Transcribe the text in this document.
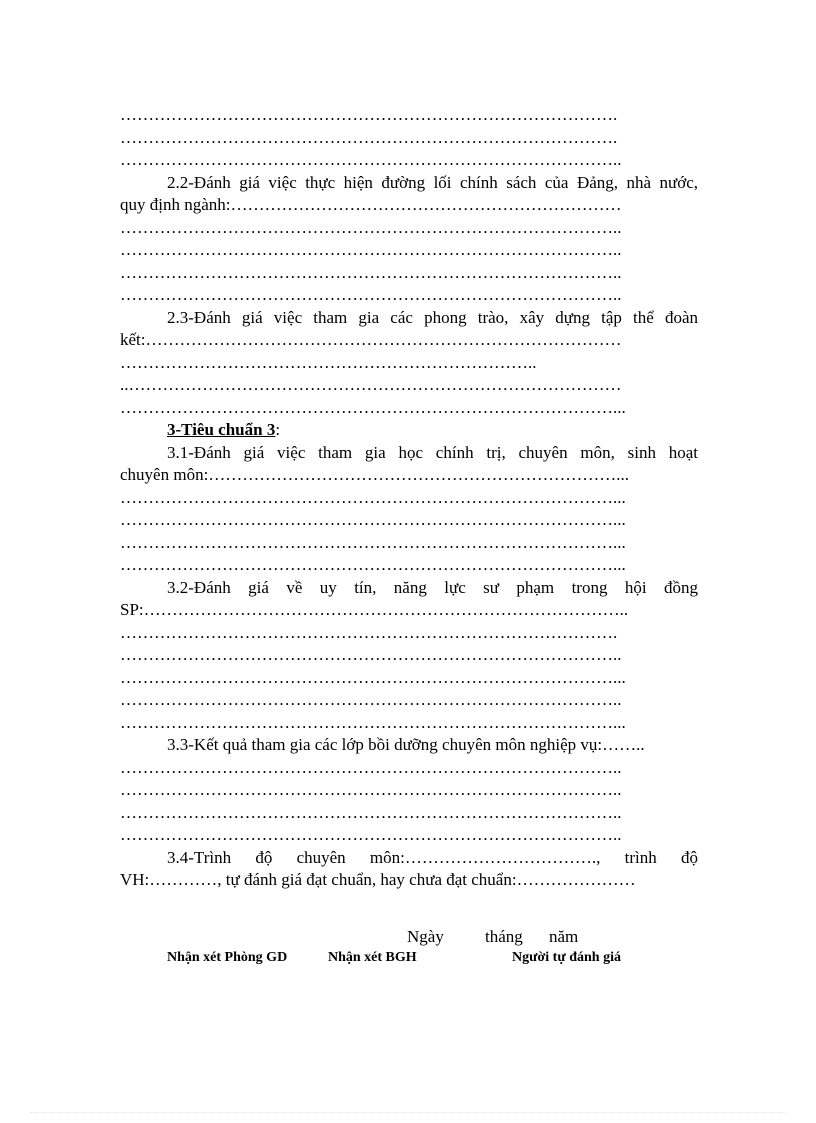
…………………………………………………………………………….
…………………………………………………………………………….
……………………………………………………………………………..
2.2-Đánh giá việc thực hiện đường lối chính sách của Đảng, nhà nước,
quy định ngành:……………………………………………………………
……………………………………………………………………………..
……………………………………………………………………………..
……………………………………………………………………………..
……………………………………………………………………………..
2.3-Đánh giá việc tham gia các phong trào, xây dựng tập thể đoàn
kết:…………………………………………………………………………
………………………………………………………………..
..……………………………………………………………………………
……………………………………………………………………………...
3-Tiêu chuẩn 3:
3.1-Đánh giá việc tham gia học chính trị, chuyên môn, sinh hoạt
chuyên môn:………………………………………………………………...
……………………………………………………………………………...
……………………………………………………………………………...
……………………………………………………………………………...
……………………………………………………………………………...
3.2-Đánh giá về uy tín, năng lực sư phạm trong hội đồng
SP:…………………………………………………………………………..
…………………………………………………………………………….
……………………………………………………………………………..
……………………………………………………………………………...
……………………………………………………………………………..
……………………………………………………………………………...
3.3-Kết quả tham gia các lớp bồi dưỡng chuyên môn nghiệp vụ:……..
……………………………………………………………………………..
……………………………………………………………………………..
……………………………………………………………………………..
……………………………………………………………………………..
3.4-Trình độ chuyên môn:……………………………., trình độ
VH:…………, tự đánh giá đạt chuẩn, hay chưa đạt chuẩn:…………………
Ngày tháng năm
Nhận xét Phòng GD	Nhận xét BGH	Người tự đánh giá
